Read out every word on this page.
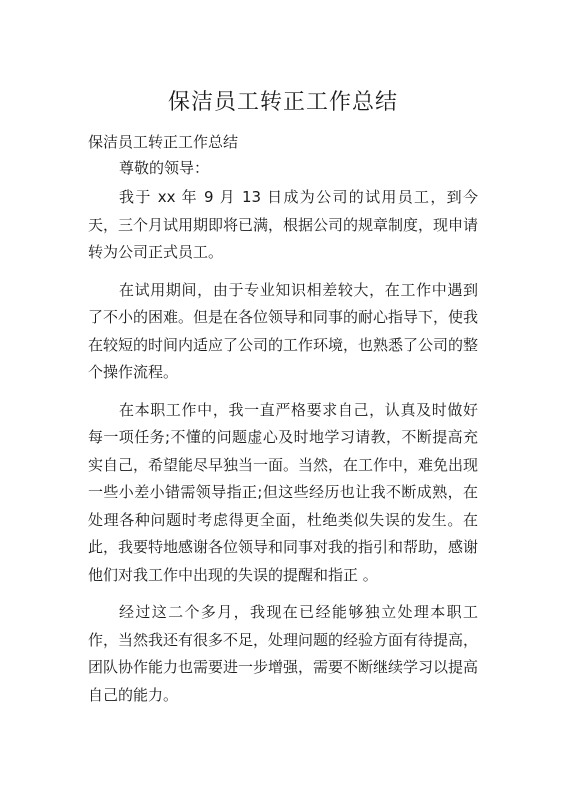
保洁员工转正工作总结

保洁员工转正工作总结

尊敬的领导：

我于 xx 年 9 月 13 日成为公司的试用员工，到今天，三个月试用期即将已满，根据公司的规章制度，现申请转为公司正式员工。

在试用期间，由于专业知识相差较大，在工作中遇到了不小的困难。但是在各位领导和同事的耐心指导下，使我在较短的时间内适应了公司的工作环境，也熟悉了公司的整个操作流程。

在本职工作中，我一直严格要求自己，认真及时做好每一项任务;不懂的问题虚心及时地学习请教，不断提高充实自己，希望能尽早独当一面。当然，在工作中，难免出现一些小差小错需领导指正;但这些经历也让我不断成熟，在处理各种问题时考虑得更全面，杜绝类似失误的发生。在此，我要特地感谢各位领导和同事对我的指引和帮助，感谢他们对我工作中出现的失误的提醒和指正 。

经过这二个多月，我现在已经能够独立处理本职工作，当然我还有很多不足，处理问题的经验方面有待提高，团队协作能力也需要进一步增强，需要不断继续学习以提高自己的能力。
